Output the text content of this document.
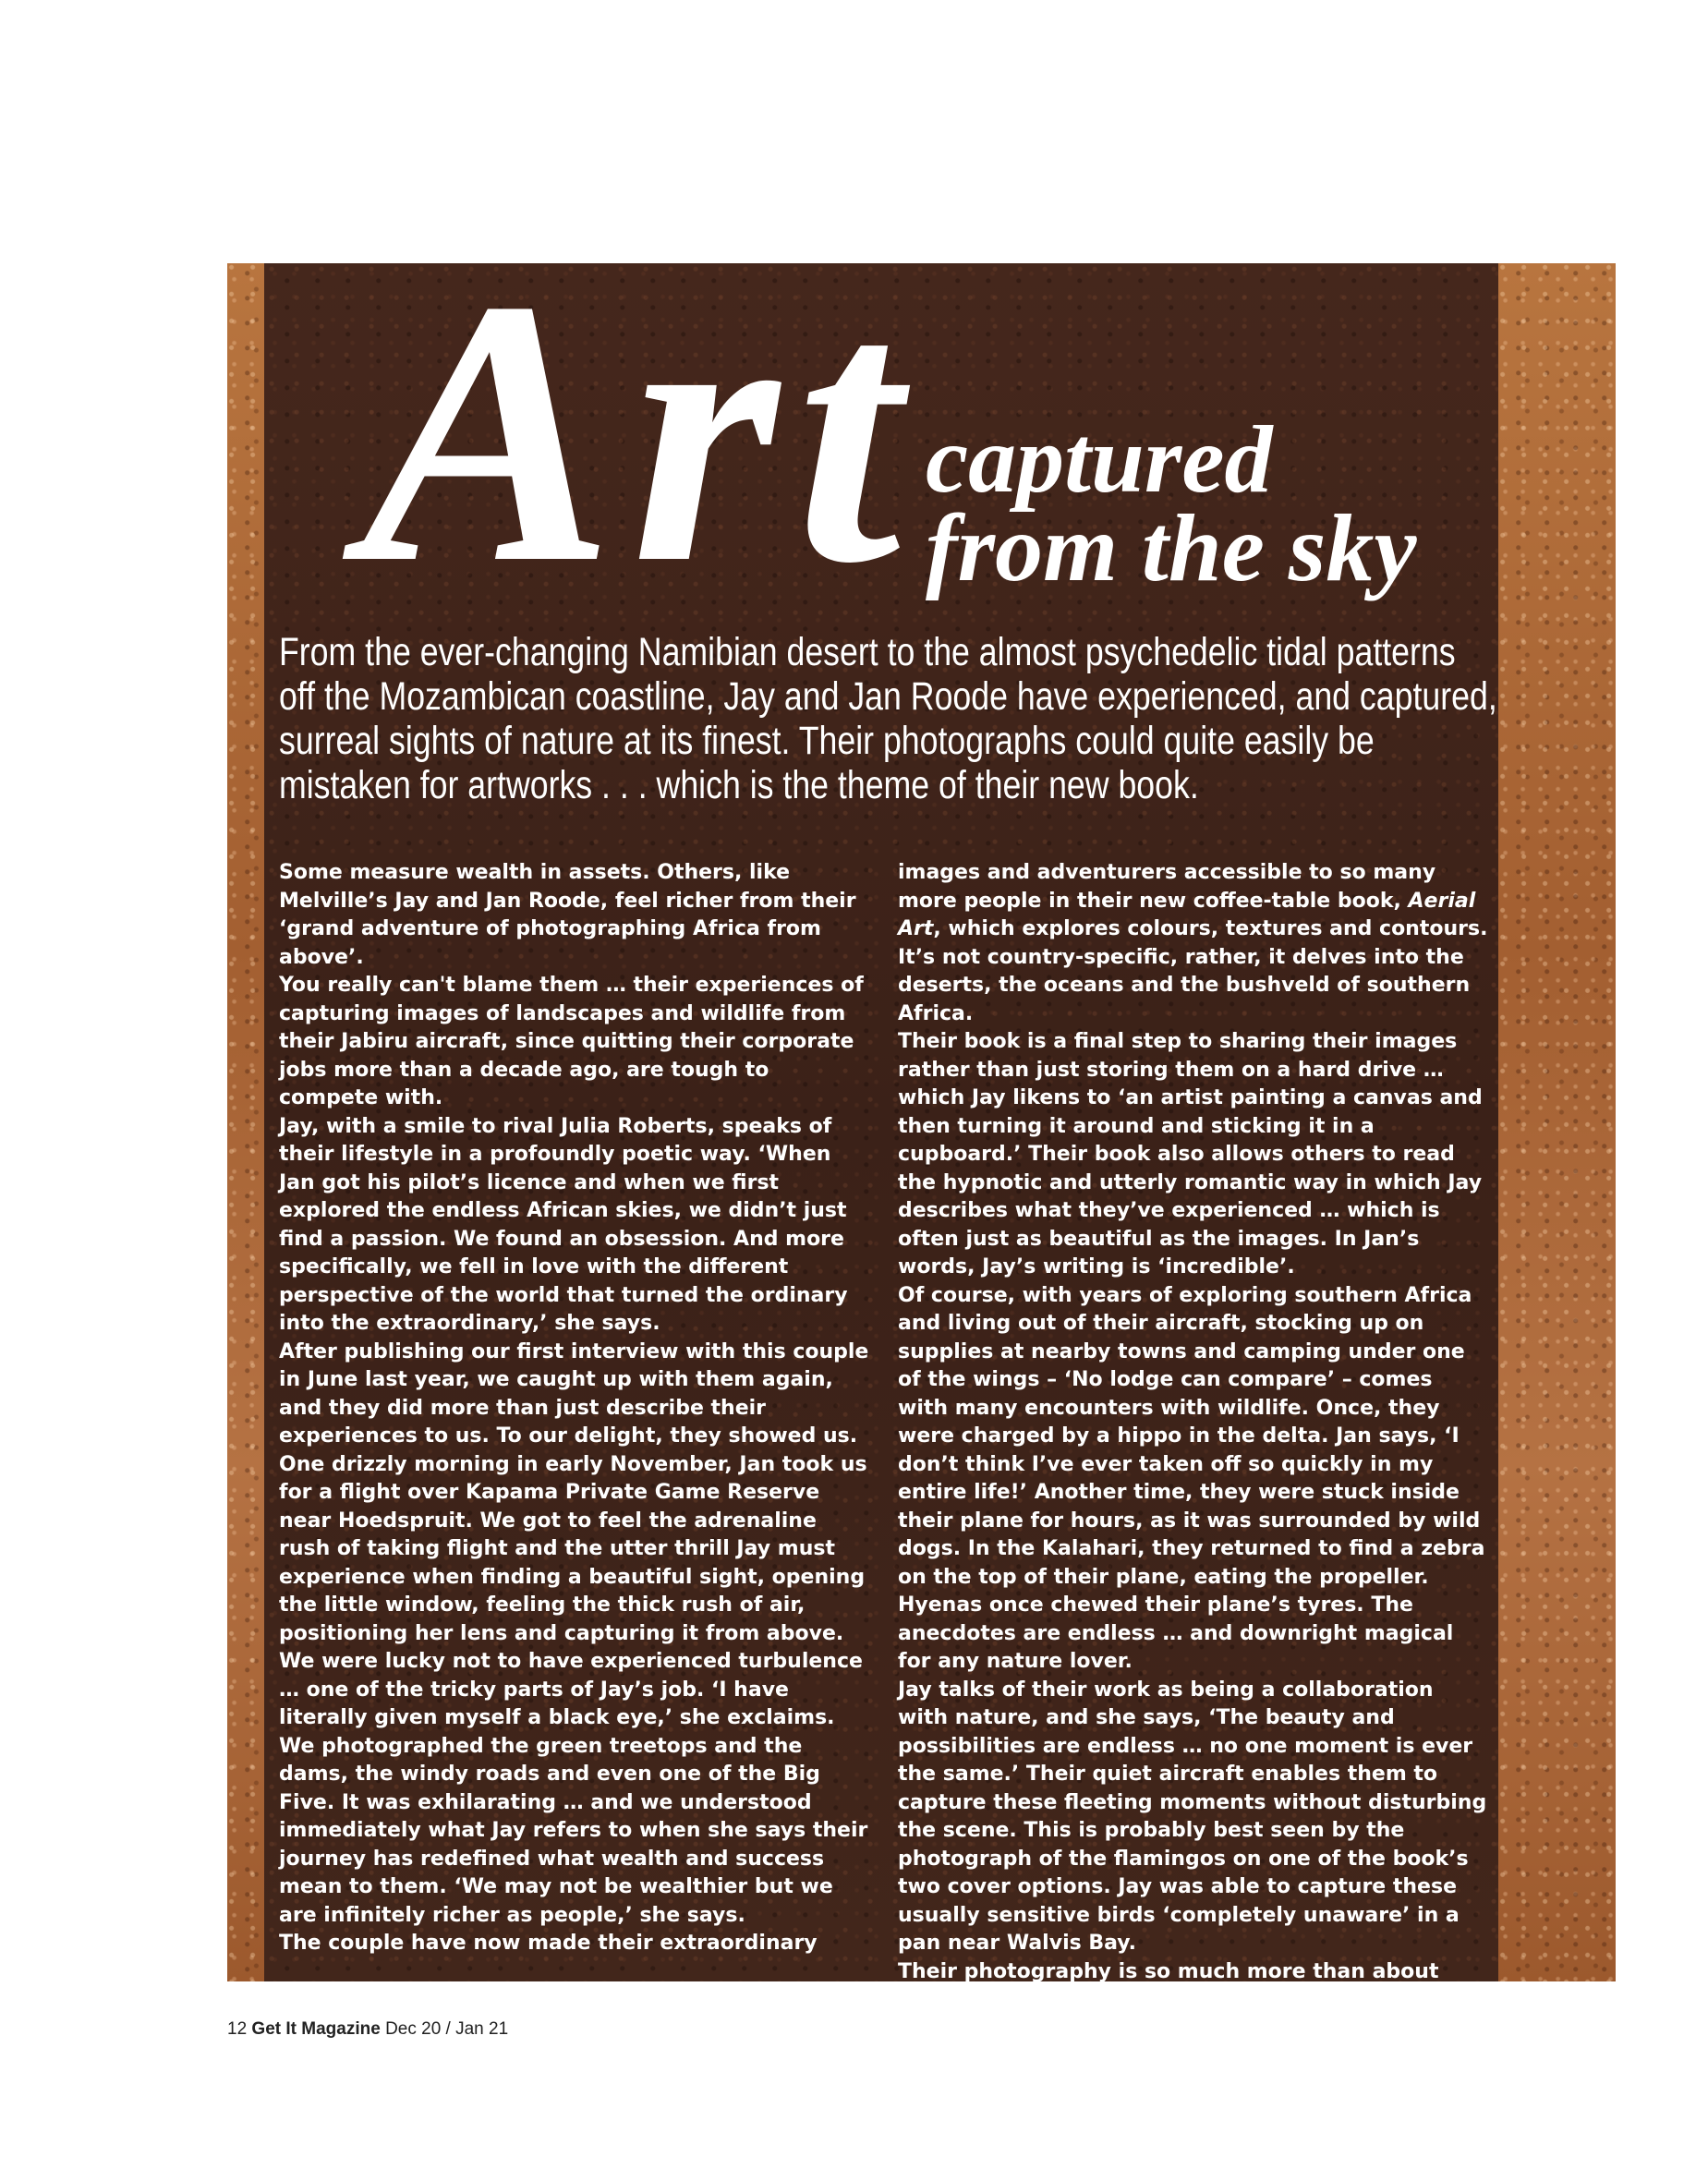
Art captured
from the sky

From the ever-changing Namibian desert to the almost psychedelic tidal patterns off the Mozambican coastline, Jay and Jan Roode have experienced, and captured, surreal sights of nature at its finest. Their photographs could quite easily be mistaken for artworks . . . which is the theme of their new book.

Some measure wealth in assets. Others, like Melville’s Jay and Jan Roode, feel richer from their ‘grand adventure of photographing Africa from above’.

You really can't blame them … their experiences of capturing images of landscapes and wildlife from their Jabiru aircraft, since quitting their corporate jobs more than a decade ago, are tough to compete with.

Jay, with a smile to rival Julia Roberts, speaks of their lifestyle in a profoundly poetic way. ‘When Jan got his pilot’s licence and when we first explored the endless African skies, we didn’t just find a passion. We found an obsession. And more specifically, we fell in love with the different perspective of the world that turned the ordinary into the extraordinary,’ she says.

After publishing our first interview with this couple in June last year, we caught up with them again, and they did more than just describe their experiences to us. To our delight, they showed us. One drizzly morning in early November, Jan took us for a flight over Kapama Private Game Reserve near Hoedspruit. We got to feel the adrenaline rush of taking flight and the utter thrill Jay must experience when finding a beautiful sight, opening the little window, feeling the thick rush of air, positioning her lens and capturing it from above. We were lucky not to have experienced turbulence … one of the tricky parts of Jay’s job. ‘I have literally given myself a black eye,’ she exclaims. We photographed the green treetops and the dams, the windy roads and even one of the Big Five. It was exhilarating … and we understood immediately what Jay refers to when she says their journey has redefined what wealth and success mean to them. ‘We may not be wealthier but we are infinitely richer as people,’ she says.

The couple have now made their extraordinary

images and adventurers accessible to so many more people in their new coffee-table book, Aerial Art, which explores colours, textures and contours. It’s not country-specific, rather, it delves into the deserts, the oceans and the bushveld of southern Africa.

Their book is a final step to sharing their images rather than just storing them on a hard drive … which Jay likens to ‘an artist painting a canvas and then turning it around and sticking it in a cupboard.’ Their book also allows others to read the hypnotic and utterly romantic way in which Jay describes what they’ve experienced … which is often just as beautiful as the images. In Jan’s words, Jay’s writing is ‘incredible’.

Of course, with years of exploring southern Africa and living out of their aircraft, stocking up on supplies at nearby towns and camping under one of the wings – ‘No lodge can compare’ – comes with many encounters with wildlife. Once, they were charged by a hippo in the delta. Jan says, ‘I don’t think I’ve ever taken off so quickly in my entire life!’ Another time, they were stuck inside their plane for hours, as it was surrounded by wild dogs. In the Kalahari, they returned to find a zebra on the top of their plane, eating the propeller. Hyenas once chewed their plane’s tyres. The anecdotes are endless … and downright magical for any nature lover.

Jay talks of their work as being a collaboration with nature, and she says, ‘The beauty and possibilities are endless … no one moment is ever the same.’ Their quiet aircraft enables them to capture these fleeting moments without disturbing the scene. This is probably best seen by the photograph of the flamingos on one of the book’s two cover options. Jay was able to capture these usually sensitive birds ‘completely unaware’ in a pan near Walvis Bay.

Their photography is so much more than about

12 Get It Magazine Dec 20 / Jan 21
